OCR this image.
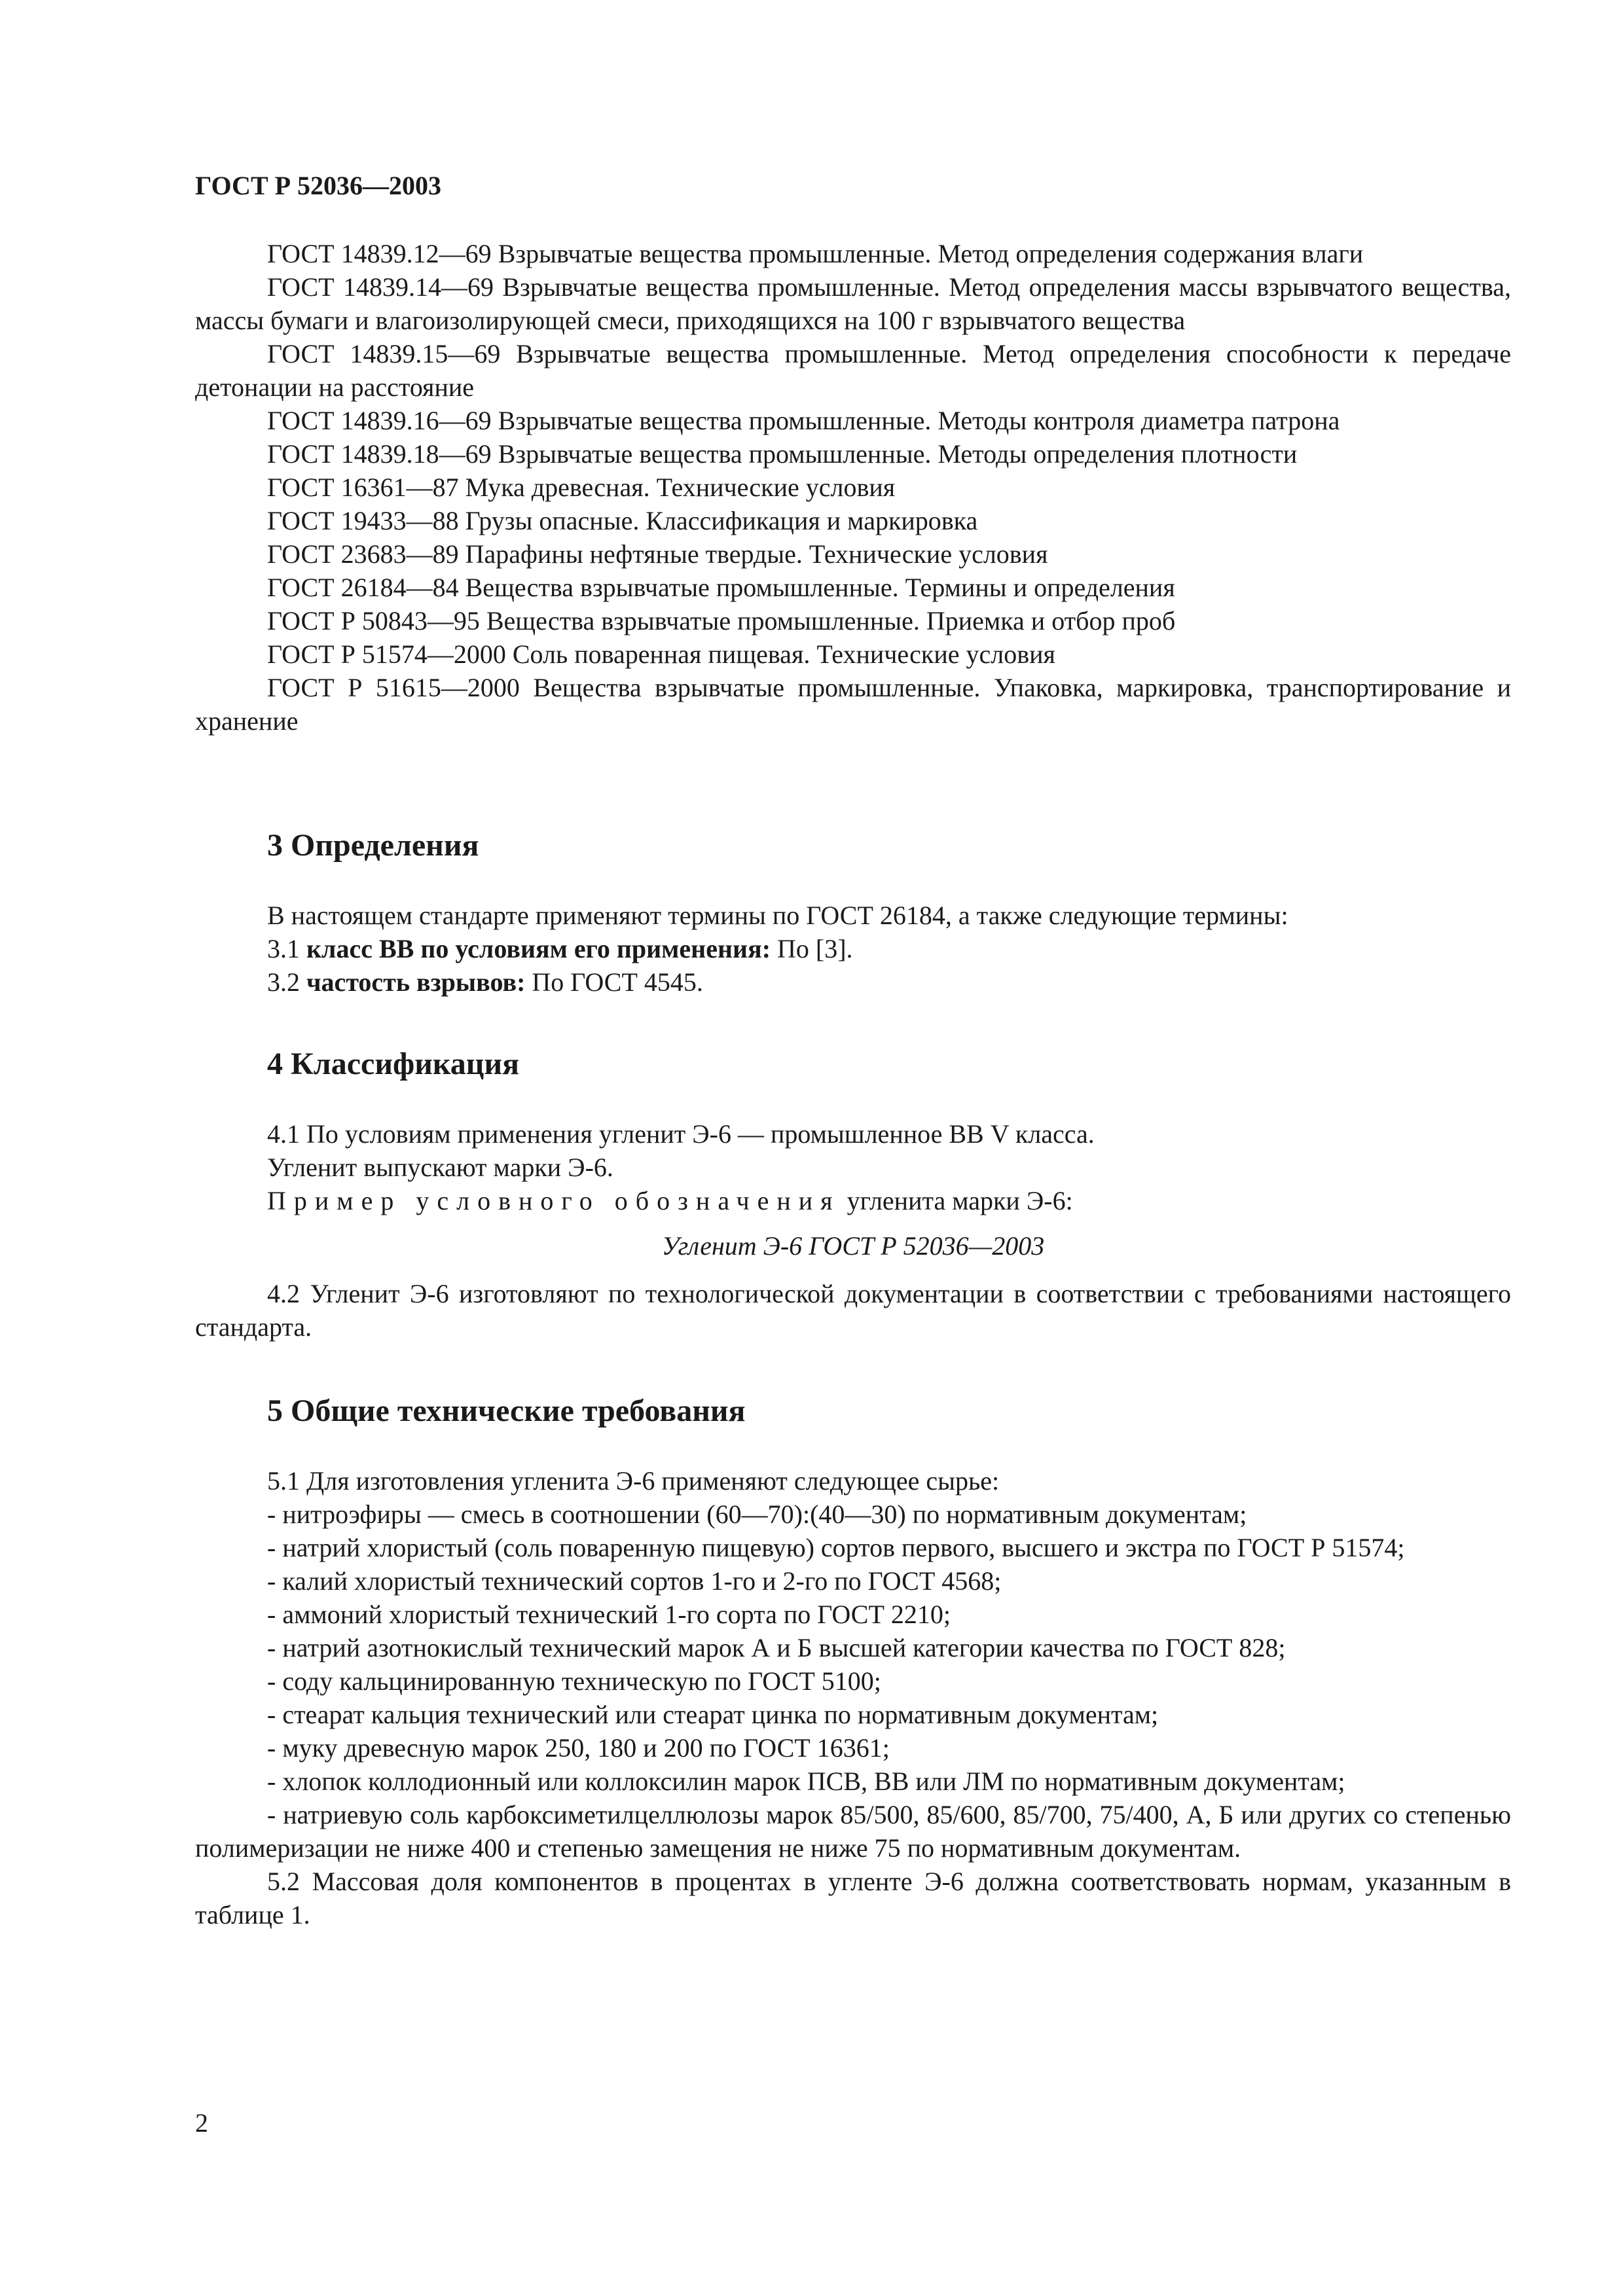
ГОСТ Р 52036—2003

ГОСТ 14839.12—69 Взрывчатые вещества промышленные. Метод определения содержания влаги

ГОСТ 14839.14—69 Взрывчатые вещества промышленные. Метод определения массы взрывчатого вещества, массы бумаги и влагоизолирующей смеси, приходящихся на 100 г взрывчатого вещества

ГОСТ 14839.15—69 Взрывчатые вещества промышленные. Метод определения способности к передаче детонации на расстояние

ГОСТ 14839.16—69 Взрывчатые вещества промышленные. Методы контроля диаметра патрона

ГОСТ 14839.18—69 Взрывчатые вещества промышленные. Методы определения плотности

ГОСТ 16361—87 Мука древесная. Технические условия

ГОСТ 19433—88 Грузы опасные. Классификация и маркировка

ГОСТ 23683—89 Парафины нефтяные твердые. Технические условия

ГОСТ 26184—84 Вещества взрывчатые промышленные. Термины и определения

ГОСТ Р 50843—95 Вещества взрывчатые промышленные. Приемка и отбор проб

ГОСТ Р 51574—2000 Соль поваренная пищевая. Технические условия

ГОСТ Р 51615—2000 Вещества взрывчатые промышленные. Упаковка, маркировка, транспортирование и хранение

3 Определения

В настоящем стандарте применяют термины по ГОСТ 26184, а также следующие термины:

3.1 класс ВВ по условиям его применения: По [3].

3.2 частость взрывов: По ГОСТ 4545.

4 Классификация

4.1 По условиям применения угленит Э-6 — промышленное ВВ V класса.

Угленит выпускают марки Э-6.

Пример условного обозначения угленита марки Э-6:

Угленит Э-6 ГОСТ Р 52036—2003

4.2 Угленит Э-6 изготовляют по технологической документации в соответствии с требованиями настоящего стандарта.

5 Общие технические требования

5.1 Для изготовления угленита Э-6 применяют следующее сырье:

- нитроэфиры — смесь в соотношении (60—70):(40—30) по нормативным документам;

- натрий хлористый (соль поваренную пищевую) сортов первого, высшего и экстра по ГОСТ Р 51574;

- калий хлористый технический сортов 1-го и 2-го по ГОСТ 4568;

- аммоний хлористый технический 1-го сорта по ГОСТ 2210;

- натрий азотнокислый технический марок А и Б высшей категории качества по ГОСТ 828;

- соду кальцинированную техническую по ГОСТ 5100;

- стеарат кальция технический или стеарат цинка по нормативным документам;

- муку древесную марок 250, 180 и 200 по ГОСТ 16361;

- хлопок коллодионный или коллоксилин марок ПСВ, ВВ или ЛМ по нормативным документам;

- натриевую соль карбоксиметилцеллюлозы марок 85/500, 85/600, 85/700, 75/400, А, Б или других со степенью полимеризации не ниже 400 и степенью замещения не ниже 75 по нормативным документам.

5.2 Массовая доля компонентов в процентах в угленте Э-6 должна соответствовать нормам, указанным в таблице 1.

2
